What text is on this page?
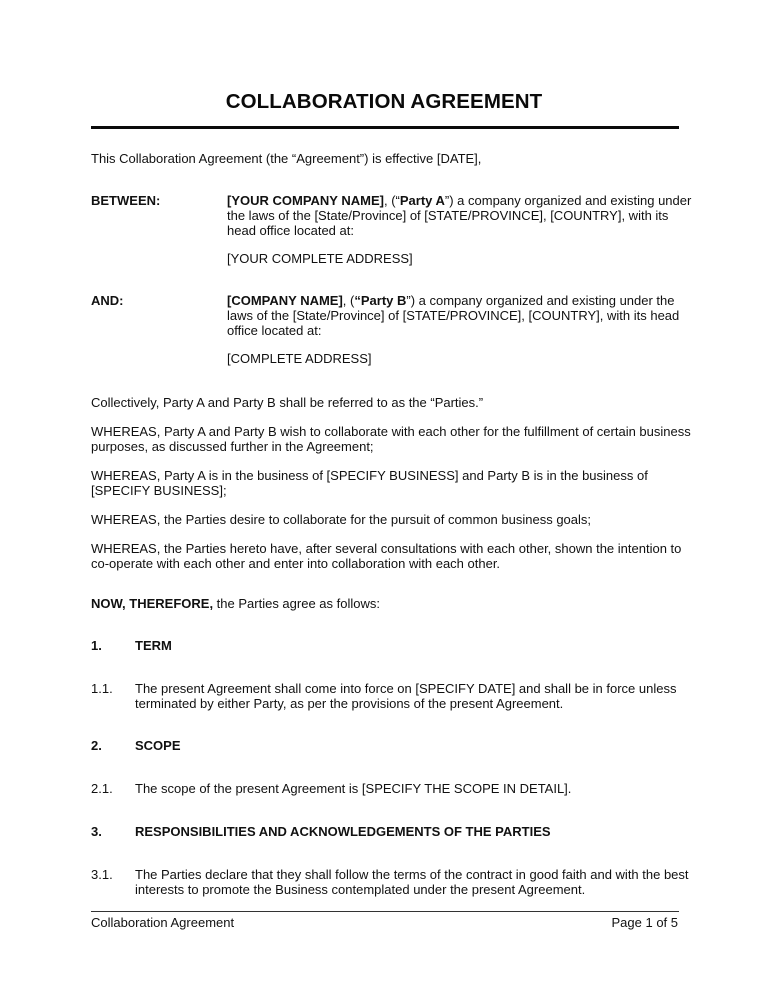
COLLABORATION AGREEMENT
This Collaboration Agreement (the “Agreement”) is effective [DATE],
BETWEEN:	[YOUR COMPANY NAME], (“Party A”) a company organized and existing under
the laws of the [State/Province] of [STATE/PROVINCE], [COUNTRY], with its
head office located at:
[YOUR COMPLETE ADDRESS]
AND:	[COMPANY NAME], (“Party B”) a company organized and existing under the
laws of the [State/Province] of [STATE/PROVINCE], [COUNTRY], with its head
office located at:
[COMPLETE ADDRESS]
Collectively, Party A and Party B shall be referred to as the “Parties.”
WHEREAS, Party A and Party B wish to collaborate with each other for the fulfillment of certain business
purposes, as discussed further in the Agreement;
WHEREAS, Party A is in the business of [SPECIFY BUSINESS] and Party B is in the business of
[SPECIFY BUSINESS];
WHEREAS, the Parties desire to collaborate for the pursuit of common business goals;
WHEREAS, the Parties hereto have, after several consultations with each other, shown the intention to
co-operate with each other and enter into collaboration with each other.
NOW, THEREFORE, the Parties agree as follows:
1.	TERM
1.1. The present Agreement shall come into force on [SPECIFY DATE] and shall be in force unless
terminated by either Party, as per the provisions of the present Agreement.
2.	SCOPE
2.1. The scope of the present Agreement is [SPECIFY THE SCOPE IN DETAIL].
3.	RESPONSIBILITIES AND ACKNOWLEDGEMENTS OF THE PARTIES
3.1. The Parties declare that they shall follow the terms of the contract in good faith and with the best
interests to promote the Business contemplated under the present Agreement.
Collaboration Agreement	Page 1 of 5
